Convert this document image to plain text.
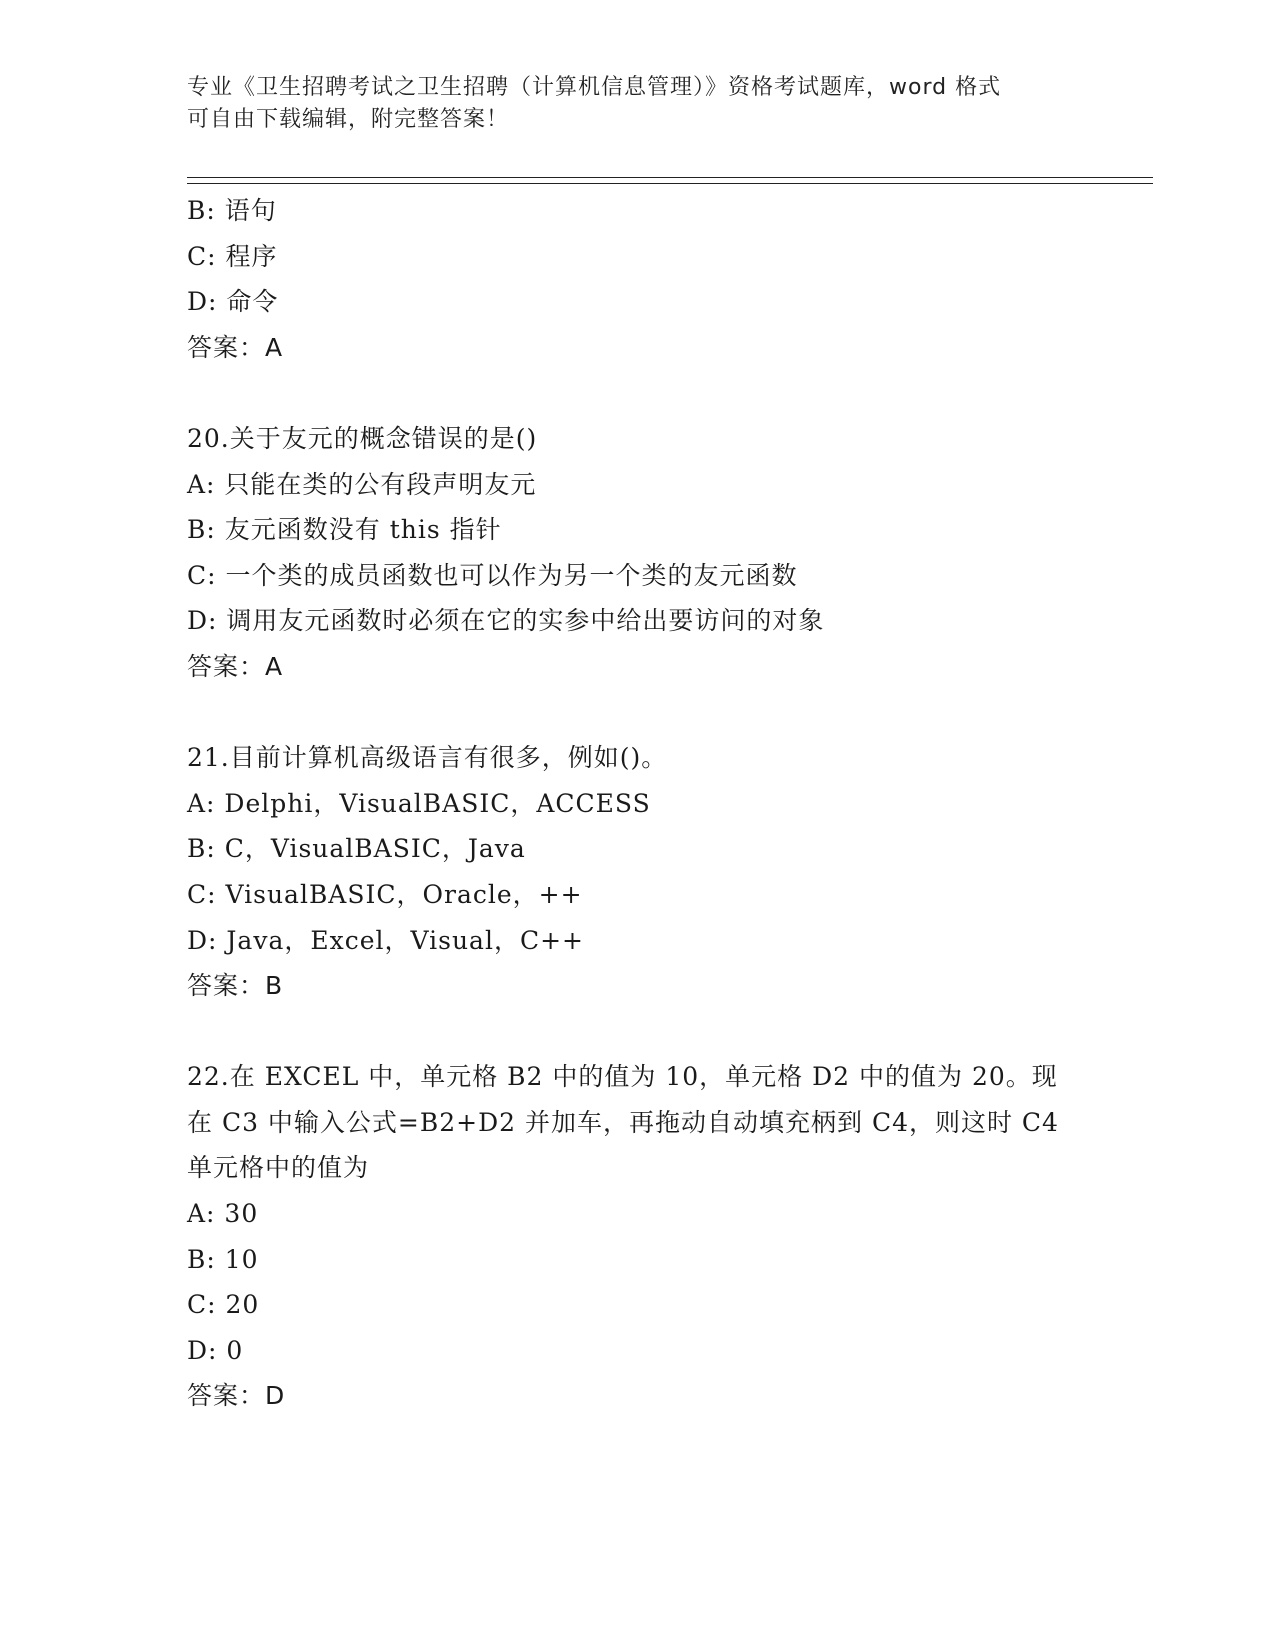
专业《卫生招聘考试之卫生招聘（计算机信息管理）》资格考试题库，word 格式
可自由下载编辑，附完整答案！
B: 语句
C: 程序
D: 命令
答案：A
20.关于友元的概念错误的是()
A: 只能在类的公有段声明友元
B: 友元函数没有 this 指针
C: 一个类的成员函数也可以作为另一个类的友元函数
D: 调用友元函数时必须在它的实参中给出要访问的对象
答案：A
21.目前计算机高级语言有很多，例如()。
A: Delphi，VisualBASIC，ACCESS
B: C，VisualBASIC，Java
C: VisualBASIC，Oracle，++
D: Java，Excel，Visual，C++
答案：B
22.在 EXCEL 中，单元格 B2 中的值为 10，单元格 D2 中的值为 20。现
在 C3 中输入公式=B2+D2 并加车，再拖动自动填充柄到 C4，则这时 C4
单元格中的值为
A: 30
B: 10
C: 20
D: 0
答案：D
